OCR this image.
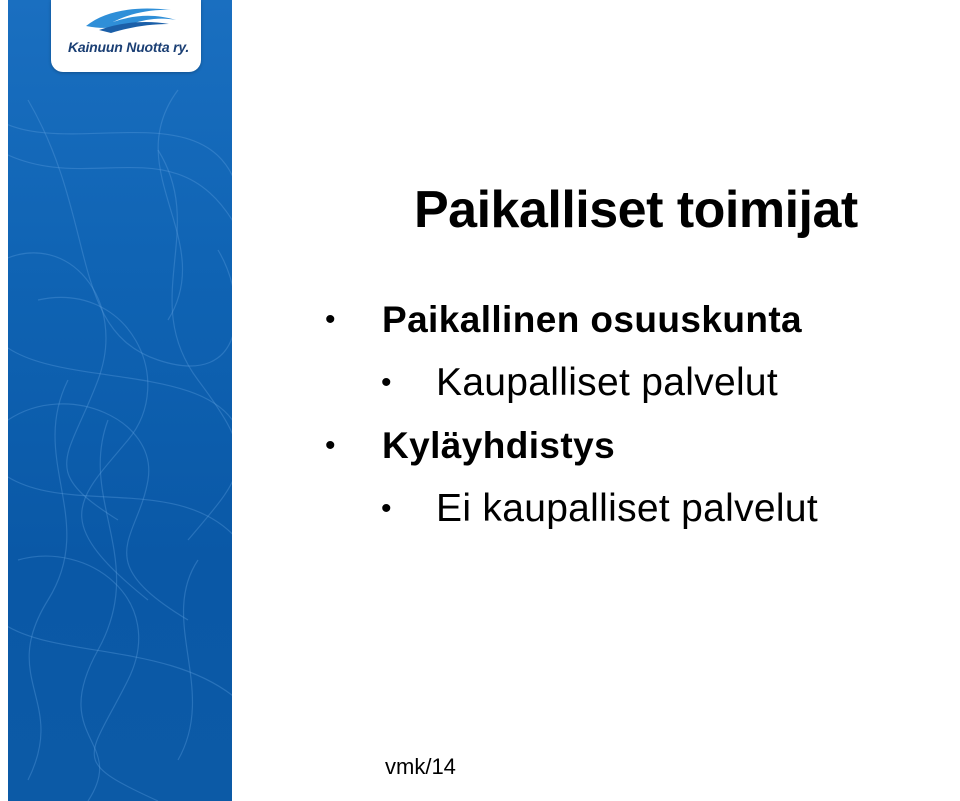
Kainuun Nuotta ry.
Paikalliset toimijat
• Paikallinen osuuskunta
• Kaupalliset palvelut
• Kyläyhdistys
• Ei kaupalliset palvelut
vmk/14
